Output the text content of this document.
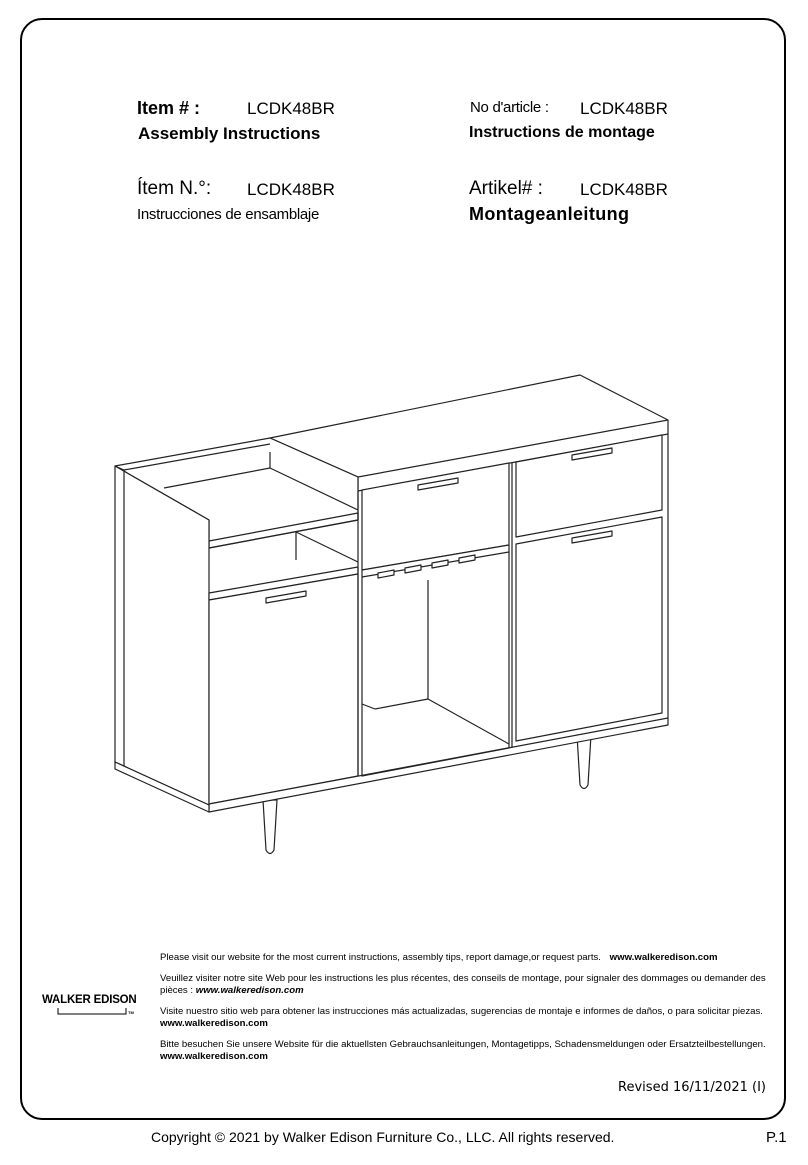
Item # :	LCDK48BR
Assembly Instructions
No d'article : LCDK48BR
Instructions de montage
Ítem N.°: LCDK48BR
Instrucciones de ensamblaje
Artikel# : LCDK48BR
Montageanleitung
Please visit our website for the most current instructions, assembly tips, report damage,or request parts. www.walkeredison.com
Veuillez visiter notre site Web pour les instructions les plus récentes, des conseils de montage, pour signaler des dommages ou demander des pièces : www.walkeredison.com
Visite nuestro sitio web para obtener las instrucciones más actualizadas, sugerencias de montaje e informes de daños, o para solicitar piezas. www.walkeredison.com
Bitte besuchen Sie unsere Website für die aktuellsten Gebrauchsanleitungen, Montagetipps, Schadensmeldungen oder Ersatzteilbestellungen. www.walkeredison.com
WALKER EDISON
TM
Revised 16/11/2021 (I)
Copyright © 2021 by Walker Edison Furniture Co., LLC. All rights reserved.	P.1
